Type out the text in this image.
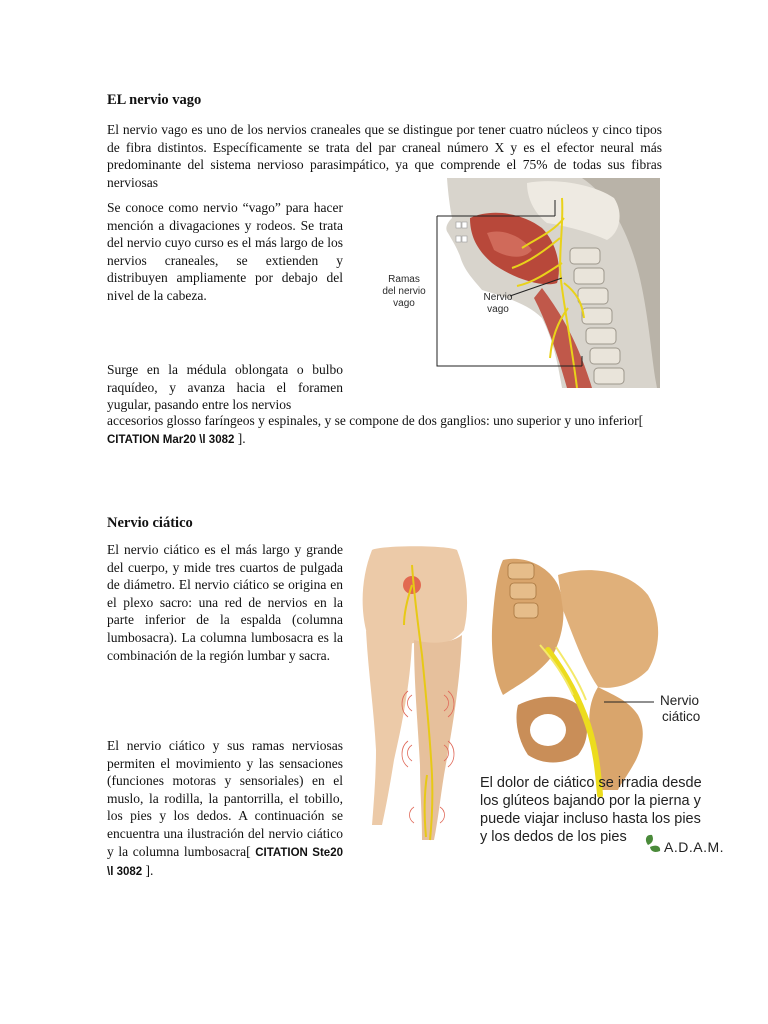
EL nervio vago

El nervio vago es uno de los nervios craneales que se distingue por tener cuatro núcleos y cinco tipos de fibra distintos. Específicamente se trata del par craneal número X y es el efector neural más predominante del sistema nervioso parasimpático, ya que comprende el 75% de todas sus fibras nerviosas

Se conoce como nervio “vago” para hacer mención a divagaciones y rodeos. Se trata del nervio cuyo curso es el más largo de los nervios craneales, se extienden y distribuyen ampliamente por debajo del nivel de la cabeza.

Surge en la médula oblongata o bulbo raquídeo, y avanza hacia el foramen yugular, pasando entre los nervios

accesorios glosso faríngeos y espinales, y se compone de dos ganglios: uno superior y uno inferior[ CITATION Mar20 \l 3082 ].

Ramas
del nervio
vago
Nervio
vago
Nervio ciático

El nervio ciático es el más largo y grande del cuerpo, y mide tres cuartos de pulgada de diámetro. El nervio ciático se origina en el plexo sacro: una red de nervios en la parte inferior de la espalda (columna lumbosacra). La columna lumbosacra es la combinación de la región lumbar y sacra.

El nervio ciático y sus ramas nerviosas permiten el movimiento y las sensaciones (funciones motoras y sensoriales) en el muslo, la rodilla, la pantorrilla, el tobillo, los pies y los dedos. A continuación se encuentra una ilustración del nervio ciático y la columna lumbosacra[ CITATION Ste20 \l 3082 ].

Nervio
ciático
El dolor de ciático se irradia desde
los glúteos bajando por la pierna y
puede viajar incluso hasta los pies
y los dedos de los pies
A.D.A.M.
